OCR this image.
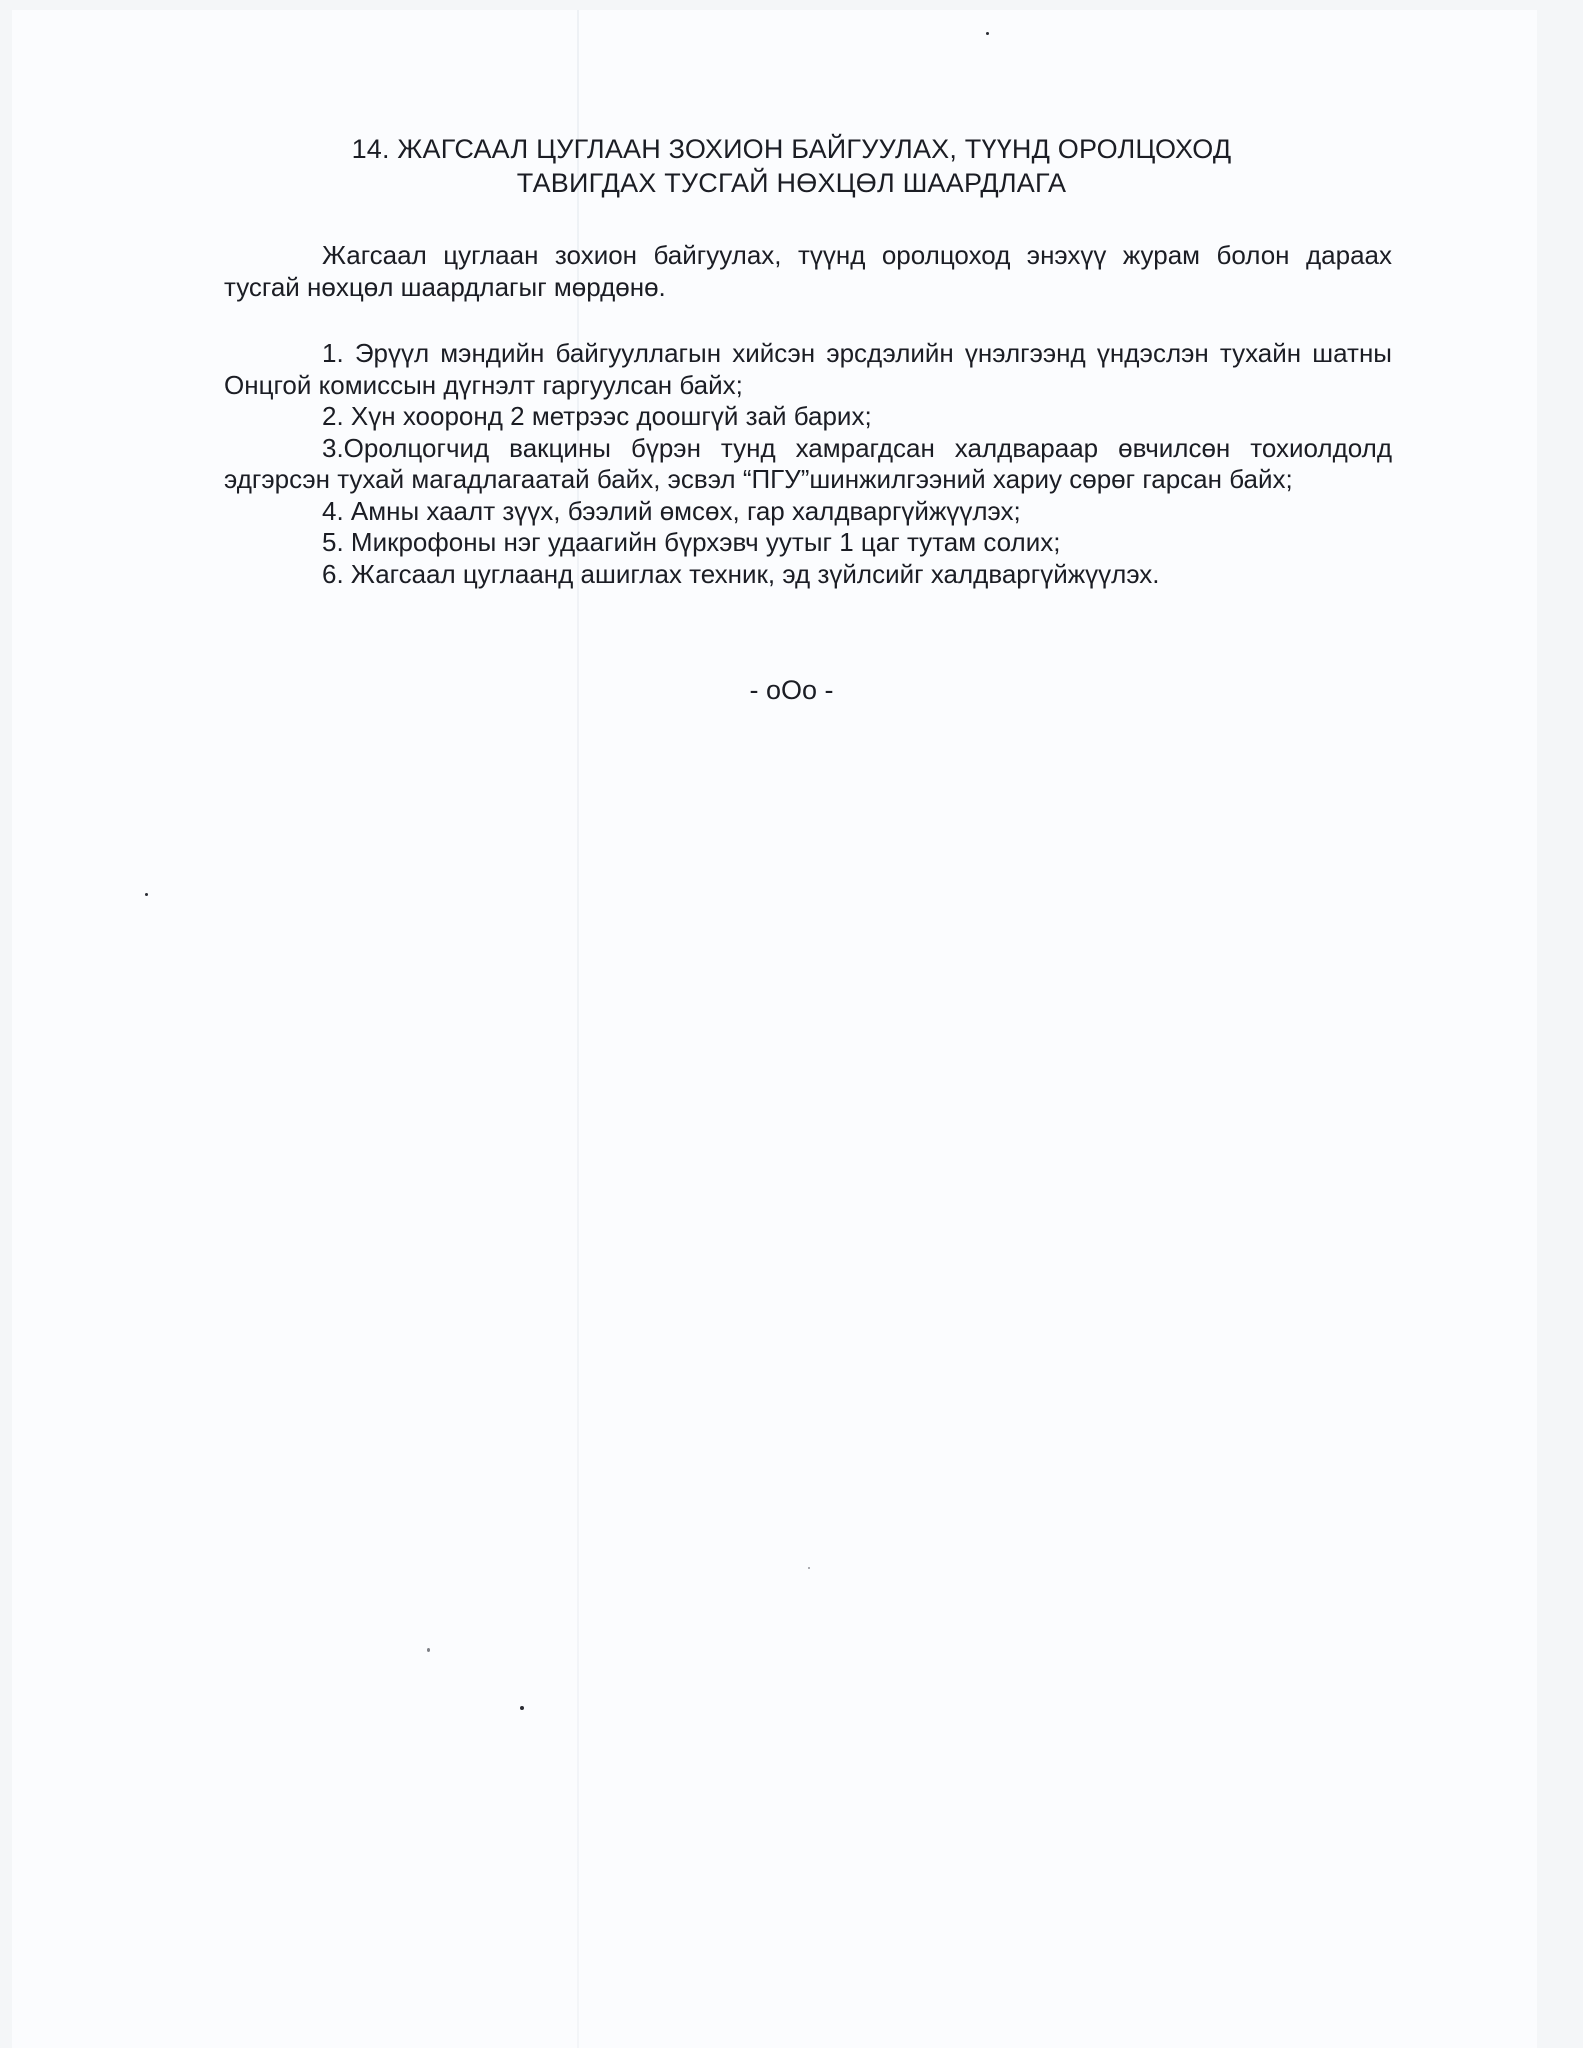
14. ЖАГСААЛ ЦУГЛААН ЗОХИОН БАЙГУУЛАХ, ТҮҮНД ОРОЛЦОХОД
ТАВИГДАХ ТУСГАЙ НӨХЦӨЛ ШААРДЛАГА

Жагсаал цуглаан зохион байгуулах, түүнд оролцоход энэхүү журам болон дараах тусгай нөхцөл шаардлагыг мөрдөнө.

1. Эрүүл мэндийн байгууллагын хийсэн эрсдэлийн үнэлгээнд үндэслэн тухайн шатны Онцгой комиссын дүгнэлт гаргуулсан байх;

2. Хүн хооронд 2 метрээс доошгүй зай барих;

3.Оролцогчид вакцины бүрэн тунд хамрагдсан халдвараар өвчилсөн тохиолдолд эдгэрсэн тухай магадлагаатай байх, эсвэл “ПГУ”шинжилгээний хариу сөрөг гарсан байх;

4. Амны хаалт зүүх, бээлий өмсөх, гар халдваргүйжүүлэх;

5. Микрофоны нэг удаагийн бүрхэвч уутыг 1 цаг тутам солих;

6. Жагсаал цуглаанд ашиглах техник, эд зүйлсийг халдваргүйжүүлэх.

- оОо -
